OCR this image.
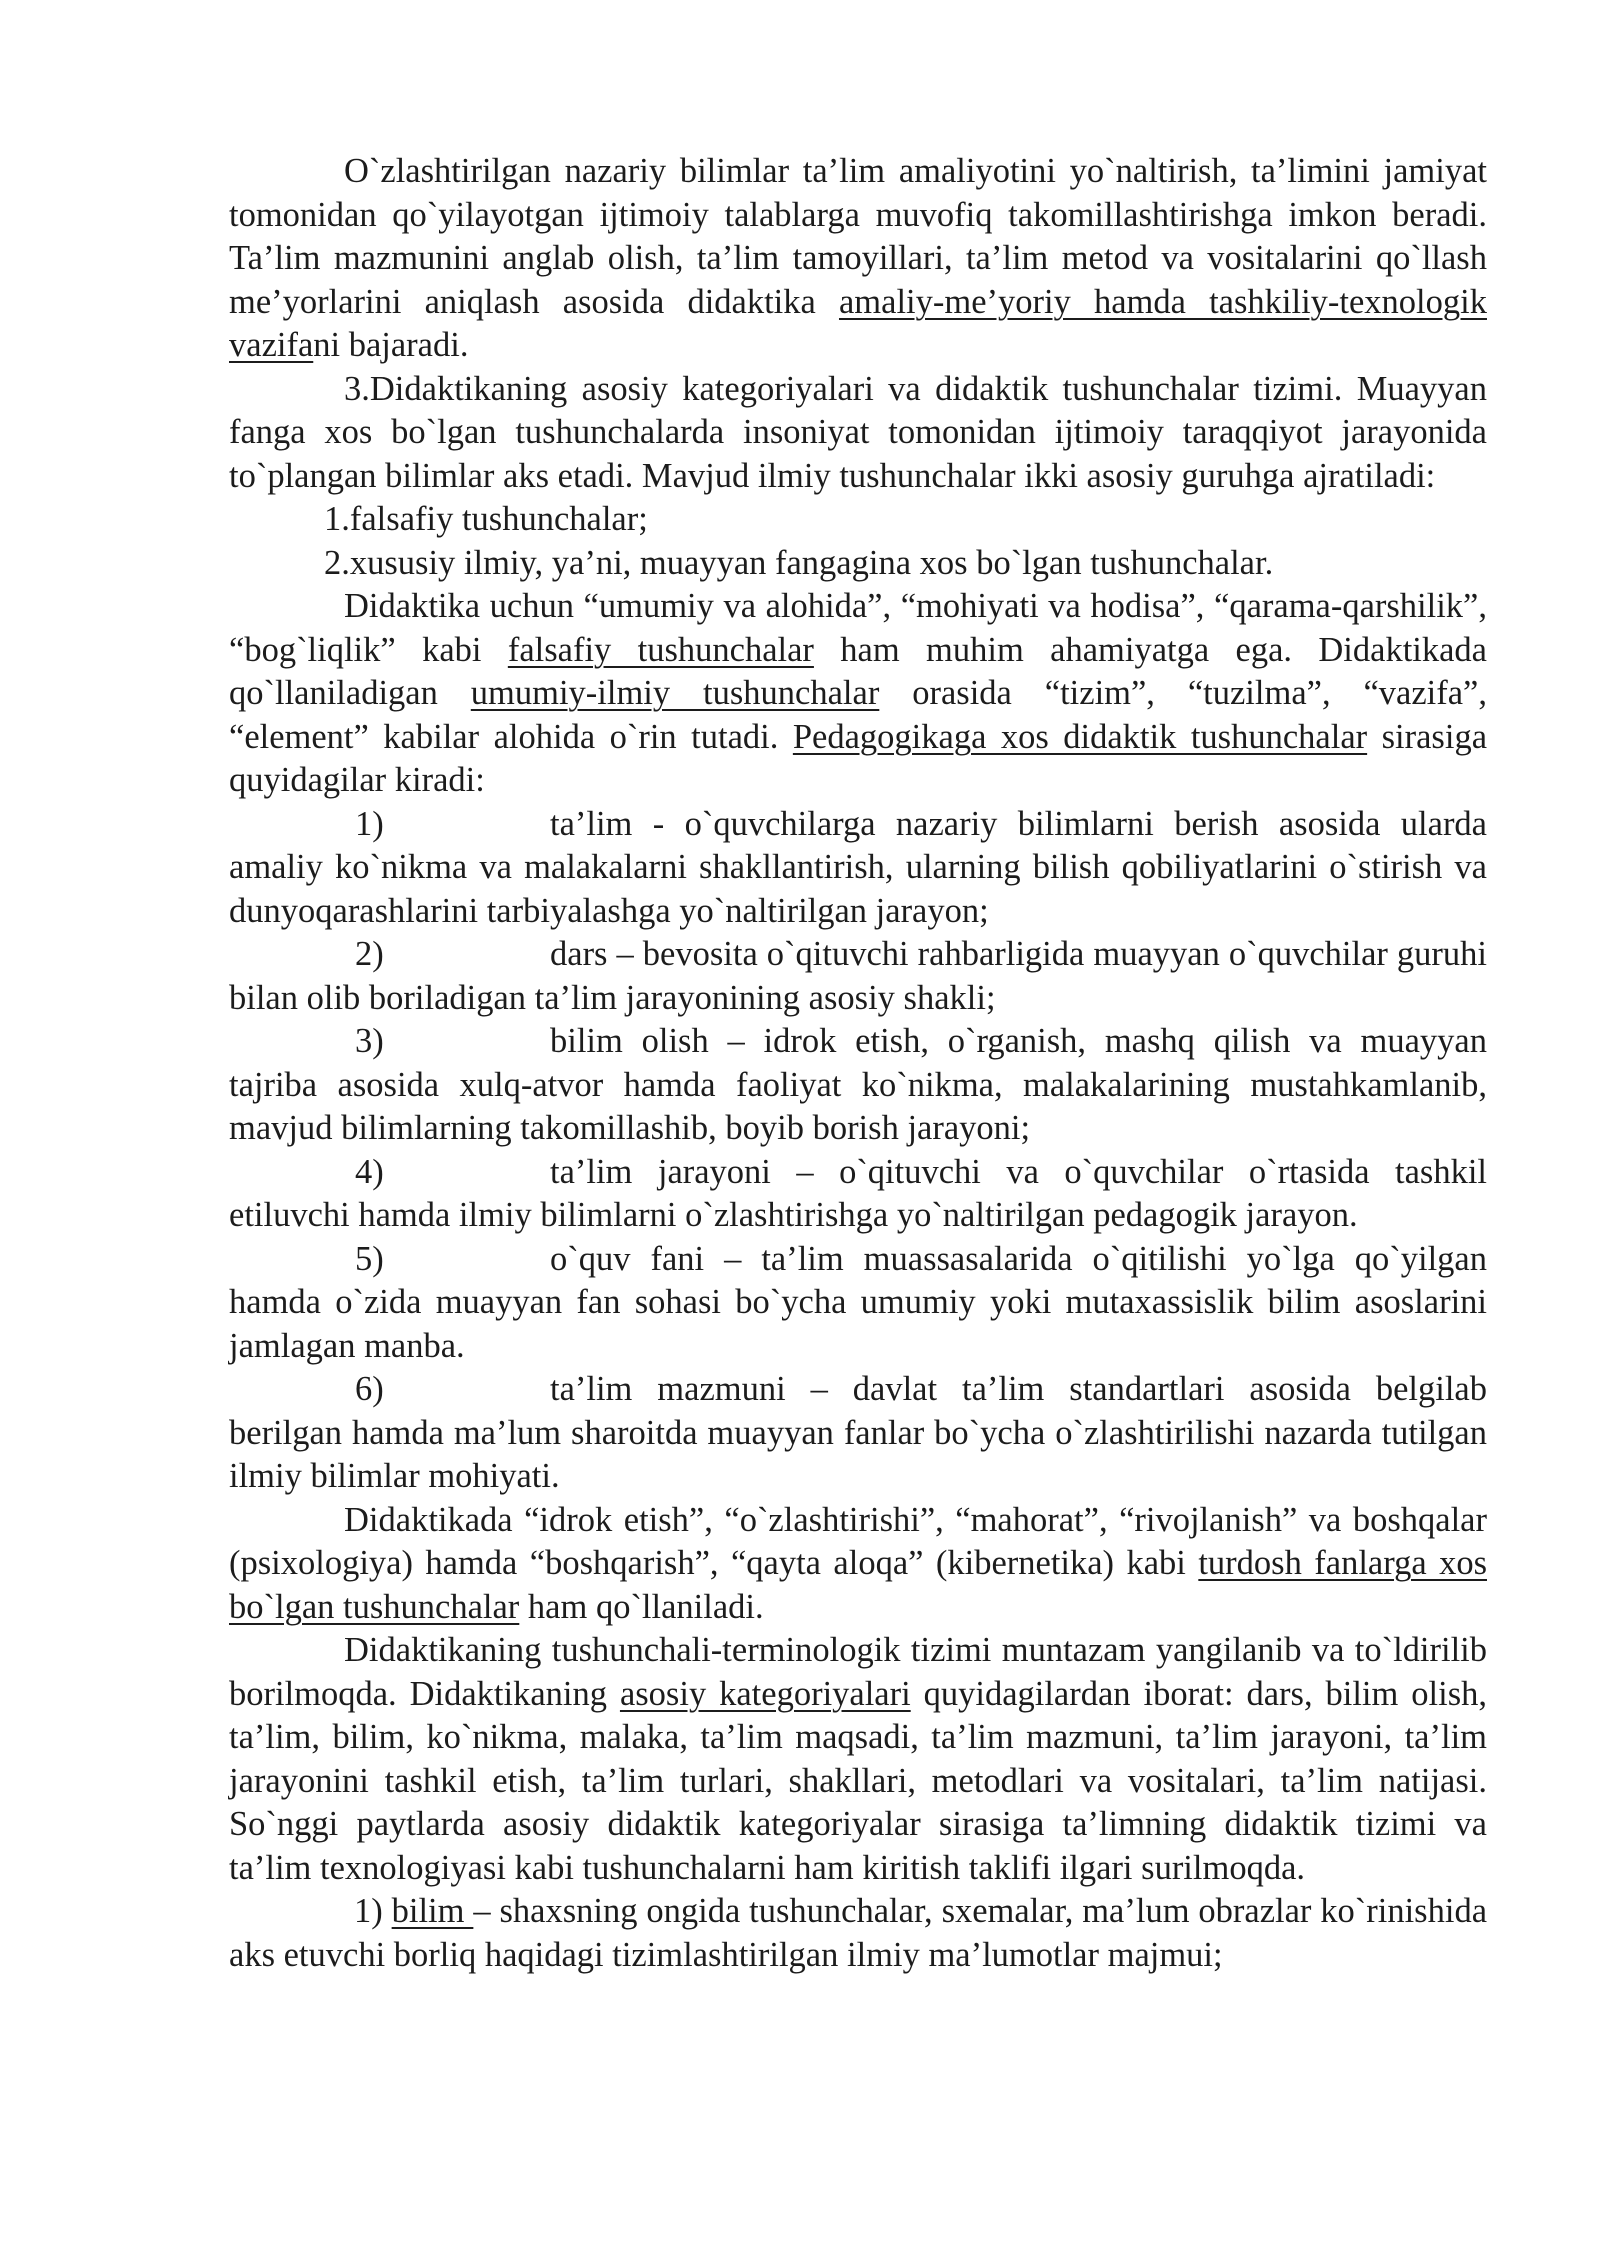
O`zlashtirilgan nazariy bilimlar ta’lim amaliyotini yo`naltirish, ta’limini jamiyat tomonidan qo`yilayotgan ijtimoiy talablarga muvofiq takomillashtirishga imkon beradi. Ta’lim mazmunini anglab olish, ta’lim tamoyillari, ta’lim metod va vositalarini qo`llash me’yorlarini aniqlash asosida didaktika amaliy-me’yoriy hamda tashkiliy-texnologik vazifani bajaradi.

3.Didaktikaning asosiy kategoriyalari va didaktik tushunchalar tizimi. Muayyan fanga xos bo`lgan tushunchalarda insoniyat tomonidan ijtimoiy taraqqiyot jarayonida to`plangan bilimlar aks etadi. Mavjud ilmiy tushunchalar ikki asosiy guruhga ajratiladi:

1.falsafiy tushunchalar;

2.xususiy ilmiy, ya’ni, muayyan fangagina xos bo`lgan tushunchalar.

Didaktika uchun “umumiy va alohida”, “mohiyati va hodisa”, “qarama-qarshilik”, “bog`liqlik” kabi falsafiy tushunchalar ham muhim ahamiyatga ega. Didaktikada qo`llaniladigan umumiy-ilmiy tushunchalar orasida “tizim”, “tuzilma”, “vazifa”, “element” kabilar alohida o`rin tutadi. Pedagogikaga xos didaktik tushunchalar sirasiga quyidagilar kiradi:

1)	ta’lim - o`quvchilarga nazariy bilimlarni berish asosida ularda amaliy ko`nikma va malakalarni shakllantirish, ularning bilish qobiliyatlarini o`stirish va dunyoqarashlarini tarbiyalashga yo`naltirilgan jarayon;

2)	dars – bevosita o`qituvchi rahbarligida muayyan o`quvchilar guruhi bilan olib boriladigan ta’lim jarayonining asosiy shakli;

3)	bilim olish – idrok etish, o`rganish, mashq qilish va muayyan tajriba asosida xulq-atvor hamda faoliyat ko`nikma, malakalarining mustahkamlanib, mavjud bilimlarning takomillashib, boyib borish jarayoni;

4)	ta’lim jarayoni – o`qituvchi va o`quvchilar o`rtasida tashkil etiluvchi hamda ilmiy bilimlarni o`zlashtirishga yo`naltirilgan pedagogik jarayon.

5)	o`quv fani – ta’lim muassasalarida o`qitilishi yo`lga qo`yilgan hamda o`zida muayyan fan sohasi bo`ycha umumiy yoki mutaxassislik bilim asoslarini jamlagan manba.

6)	ta’lim mazmuni – davlat ta’lim standartlari asosida belgilab berilgan hamda ma’lum sharoitda muayyan fanlar bo`ycha o`zlashtirilishi nazarda tutilgan ilmiy bilimlar mohiyati.

Didaktikada “idrok etish”, “o`zlashtirishi”, “mahorat”, “rivojlanish” va boshqalar (psixologiya) hamda “boshqarish”, “qayta aloqa” (kibernetika) kabi turdosh fanlarga xos bo`lgan tushunchalar ham qo`llaniladi.

Didaktikaning tushunchali-terminologik tizimi muntazam yangilanib va to`ldirilib borilmoqda. Didaktikaning asosiy kategoriyalari quyidagilardan iborat: dars, bilim olish, ta’lim, bilim, ko`nikma, malaka, ta’lim maqsadi, ta’lim mazmuni, ta’lim jarayoni, ta’lim jarayonini tashkil etish, ta’lim turlari, shakllari, metodlari va vositalari, ta’lim natijasi. So`nggi paytlarda asosiy didaktik kategoriyalar sirasiga ta’limning didaktik tizimi va ta’lim texnologiyasi kabi tushunchalarni ham kiritish taklifi ilgari surilmoqda.

1) bilim – shaxsning ongida tushunchalar, sxemalar, ma’lum obrazlar ko`rinishida aks etuvchi borliq haqidagi tizimlashtirilgan ilmiy ma’lumotlar majmui;
